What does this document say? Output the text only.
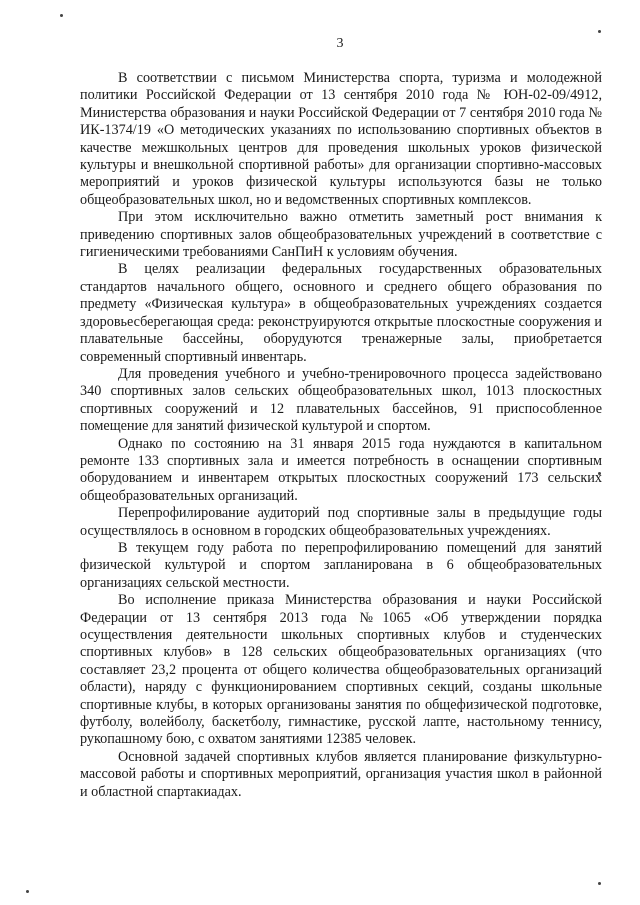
3

В соответствии с письмом Министерства спорта, туризма и молодежной политики Российской Федерации от 13 сентября 2010 года № ЮН-02-09/4912, Министерства образования и науки Российской Федерации от 7 сентября 2010 года № ИК-1374/19 «О методических указаниях по использованию спортивных объектов в качестве межшкольных центров для проведения школьных уроков физической культуры и внешкольной спортивной работы» для организации спортивно-массовых мероприятий и уроков физической культуры используются базы не только общеобразовательных школ, но и ведомственных спортивных комплексов.

При этом исключительно важно отметить заметный рост внимания к приведению спортивных залов общеобразовательных учреждений в соответствие с гигиеническими требованиями СанПиН к условиям обучения.

В целях реализации федеральных государственных образовательных стандартов начального общего, основного и среднего общего образования по предмету «Физическая культура» в общеобразовательных учреждениях создается здоровьесберегающая среда: реконструируются открытые плоскостные сооружения и плавательные бассейны, оборудуются тренажерные залы, приобретается современный спортивный инвентарь.

Для проведения учебного и учебно-тренировочного процесса задействовано 340 спортивных залов сельских общеобразовательных школ, 1013 плоскостных спортивных сооружений и 12 плавательных бассейнов, 91 приспособленное помещение для занятий физической культурой и спортом.

Однако по состоянию на 31 января 2015 года нуждаются в капитальном ремонте 133 спортивных зала и имеется потребность в оснащении спортивным оборудованием и инвентарем открытых плоскостных сооружений 173 сельских общеобразовательных организаций.

Перепрофилирование аудиторий под спортивные залы в предыдущие годы осуществлялось в основном в городских общеобразовательных учреждениях.

В текущем году работа по перепрофилированию помещений для занятий физической культурой и спортом запланирована в 6 общеобразовательных организациях сельской местности.

Во исполнение приказа Министерства образования и науки Российской Федерации от 13 сентября 2013 года №1065 «Об утверждении порядка осуществления деятельности школьных спортивных клубов и студенческих спортивных клубов» в 128 сельских общеобразовательных организациях (что составляет 23,2 процента от общего количества общеобразовательных организаций области), наряду с функционированием спортивных секций, созданы школьные спортивные клубы, в которых организованы занятия по общефизической подготовке, футболу, волейболу, баскетболу, гимнастике, русской лапте, настольному теннису, рукопашному бою, с охватом занятиями 12385 человек.

Основной задачей спортивных клубов является планирование физкультурно-массовой работы и спортивных мероприятий, организация участия школ в районной и областной спартакиадах.
